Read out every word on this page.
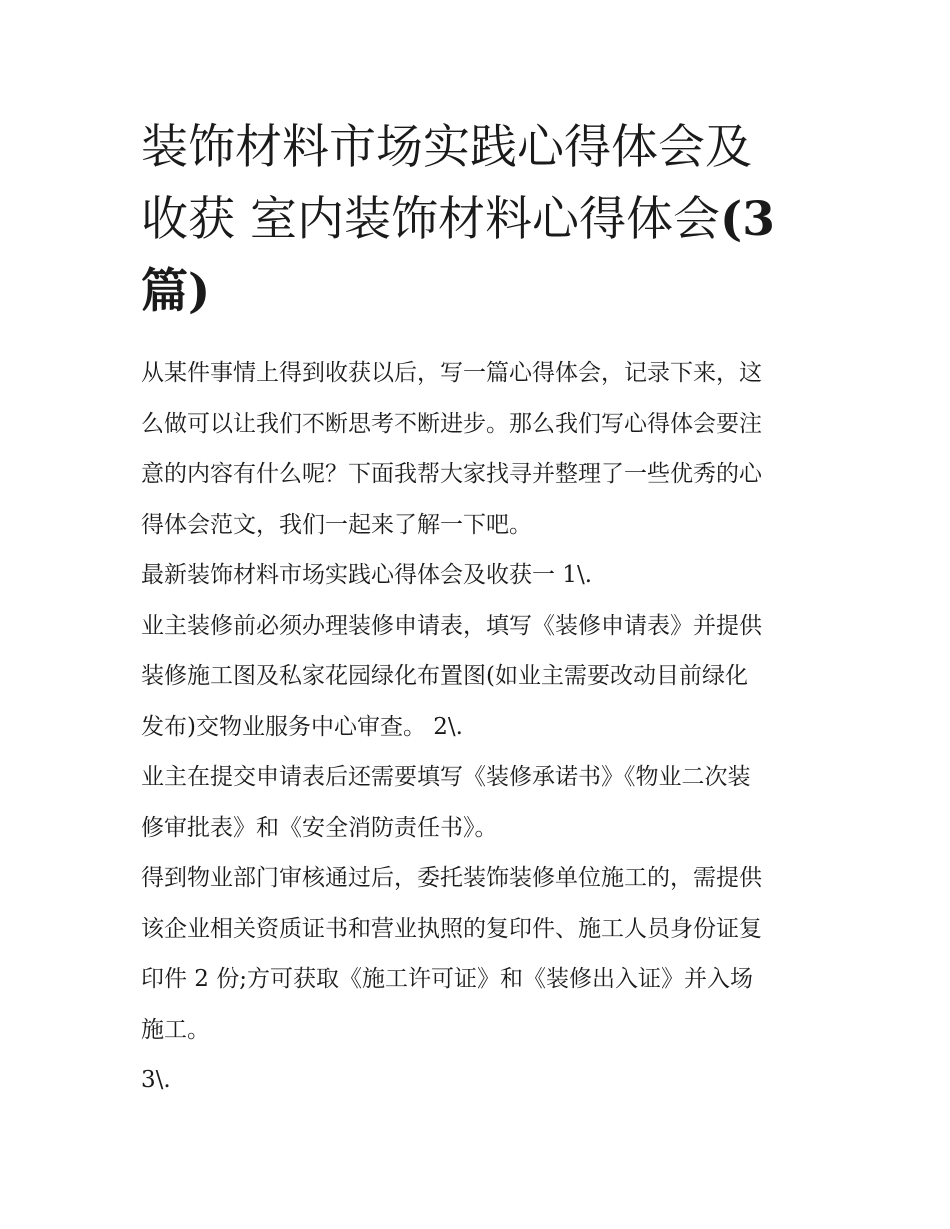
装饰材料市场实践心得体会及
收获 室内装饰材料心得体会(3
篇)

从某件事情上得到收获以后，写一篇心得体会，记录下来，这
么做可以让我们不断思考不断进步。那么我们写心得体会要注
意的内容有什么呢？下面我帮大家找寻并整理了一些优秀的心
得体会范文，我们一起来了解一下吧。

最新装饰材料市场实践心得体会及收获一 1\.

业主装修前必须办理装修申请表，填写《装修申请表》并提供
装修施工图及私家花园绿化布置图(如业主需要改动目前绿化
发布)交物业服务中心审查。 2\.

业主在提交申请表后还需要填写《装修承诺书》《物业二次装
修审批表》和《安全消防责任书》。

得到物业部门审核通过后，委托装饰装修单位施工的，需提供
该企业相关资质证书和营业执照的复印件、施工人员身份证复
印件 2 份;方可获取《施工许可证》和《装修出入证》并入场
施工。

3\.
